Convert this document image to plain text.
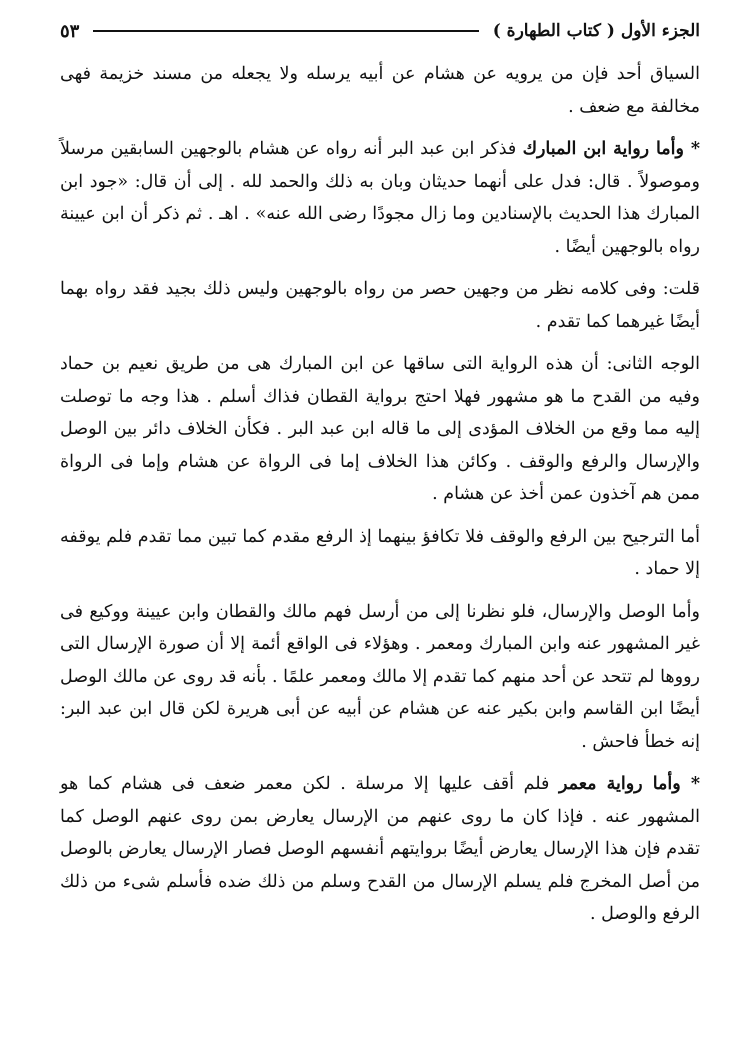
الجزء الأول ( كتاب الطهارة )
٥٣

السياق أحد فإن من يرويه عن هشام عن أبيه يرسله ولا يجعله من مسند خزيمة فهى مخالفة مع ضعف .

* وأما رواية ابن المبارك فذكر ابن عبد البر أنه رواه عن هشام بالوجهين السابقين مرسلاً وموصولاً . قال: فدل على أنهما حديثان وبان به ذلك والحمد لله . إلى أن قال: «جود ابن المبارك هذا الحديث بالإسنادين وما زال مجودًا رضى الله عنه» . اهـ . ثم ذكر أن ابن عيينة رواه بالوجهين أيضًا .

قلت: وفى كلامه نظر من وجهين حصر من رواه بالوجهين وليس ذلك بجيد فقد رواه بهما أيضًا غيرهما كما تقدم .

الوجه الثانى: أن هذه الرواية التى ساقها عن ابن المبارك هى من طريق نعيم بن حماد وفيه من القدح ما هو مشهور فهلا احتج برواية القطان فذاك أسلم . هذا وجه ما توصلت إليه مما وقع من الخلاف المؤدى إلى ما قاله ابن عبد البر . فكأن الخلاف دائر بين الوصل والإرسال والرفع والوقف . وكائن هذا الخلاف إما فى الرواة عن هشام وإما فى الرواة ممن هم آخذون عمن أخذ عن هشام .

أما الترجيح بين الرفع والوقف فلا تكافؤ بينهما إذ الرفع مقدم كما تبين مما تقدم فلم يوقفه إلا حماد .

وأما الوصل والإرسال، فلو نظرنا إلى من أرسل فهم مالك والقطان وابن عيينة ووكيع فى غير المشهور عنه وابن المبارك ومعمر . وهؤلاء فى الواقع أئمة إلا أن صورة الإرسال التى رووها لم تتحد عن أحد منهم كما تقدم إلا مالك ومعمر علمًا . بأنه قد روى عن مالك الوصل أيضًا ابن القاسم وابن بكير عنه عن هشام عن أبيه عن أبى هريرة لكن قال ابن عبد البر: إنه خطأ فاحش .

* وأما رواية معمر فلم أقف عليها إلا مرسلة . لكن معمر ضعف فى هشام كما هو المشهور عنه . فإذا كان ما روى عنهم من الإرسال يعارض بمن روى عنهم الوصل كما تقدم فإن هذا الإرسال يعارض أيضًا بروايتهم أنفسهم الوصل فصار الإرسال يعارض بالوصل من أصل المخرج فلم يسلم الإرسال من القدح وسلم من ذلك ضده فأسلم شىء من ذلك الرفع والوصل .
